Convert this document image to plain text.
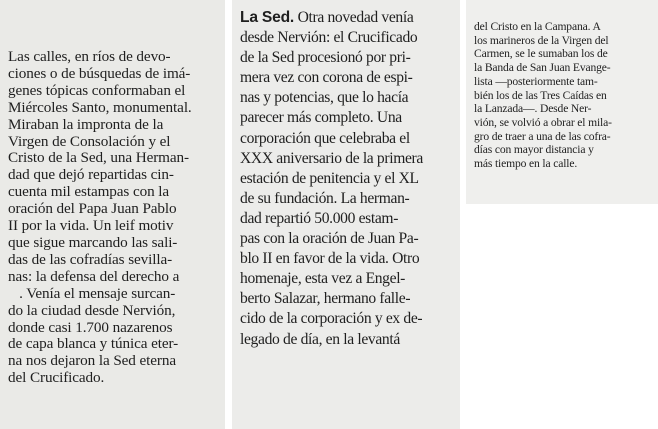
Las calles, en ríos de devo-
ciones o de búsquedas de imá-
genes tópicas conformaban el
Miércoles Santo, monumental.
Miraban la impronta de la
Virgen de Consolación y el
Cristo de la Sed, una Herman-
dad que dejó repartidas cin-
cuenta mil estampas con la
oración del Papa Juan Pablo
II por la vida. Un leif motiv
que sigue marcando las sali-
das de las cofradías sevilla-
nas: la defensa del derecho a
. Venía el mensaje surcan-
do la ciudad desde Nervión,
donde casi 1.700 nazarenos
de capa blanca y túnica eter-
na nos dejaron la Sed eterna
del Crucificado.

La Sed. Otra novedad venía
desde Nervión: el Crucificado
de la Sed procesionó por pri-
mera vez con corona de espi-
nas y potencias, que lo hacía
parecer más completo. Una
corporación que celebraba el
XXX aniversario de la primera
estación de penitencia y el XL
de su fundación. La herman-
dad repartió 50.000 estam-
pas con la oración de Juan Pa-
blo II en favor de la vida. Otro
homenaje, esta vez a Engel-
berto Salazar, hermano falle-
cido de la corporación y ex de-
legado de día, en la levantá

del Cristo en la Campana. A
los marineros de la Virgen del
Carmen, se le sumaban los de
la Banda de San Juan Evange-
lista —posteriormente tam-
bién los de las Tres Caídas en
la Lanzada—. Desde Ner-
vión, se volvió a obrar el mila-
gro de traer a una de las cofra-
días con mayor distancia y
más tiempo en la calle.
